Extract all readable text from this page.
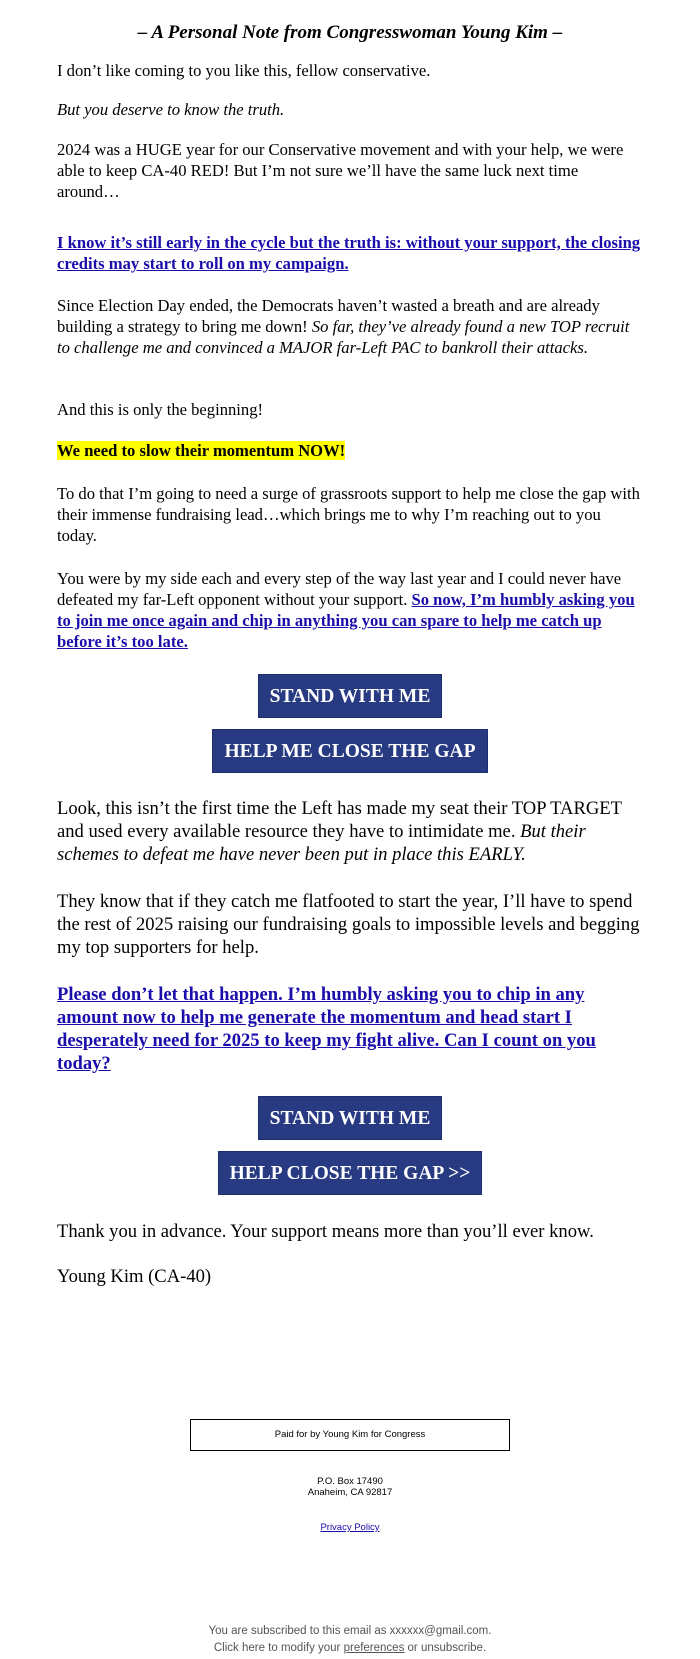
– A Personal Note from Congresswoman Young Kim –

I don’t like coming to you like this, fellow conservative.

But you deserve to know the truth.

2024 was a HUGE year for our Conservative movement and with your help, we were able to keep CA-40 RED! But I’m not sure we’ll have the same luck next time around…

I know it’s still early in the cycle but the truth is: without your support, the closing credits may start to roll on my campaign.

Since Election Day ended, the Democrats haven’t wasted a breath and are already building a strategy to bring me down! So far, they’ve already found a new TOP recruit to challenge me and convinced a MAJOR far-Left PAC to bankroll their attacks.

And this is only the beginning!

We need to slow their momentum NOW!

To do that I’m going to need a surge of grassroots support to help me close the gap with their immense fundraising lead…which brings me to why I’m reaching out to you today.

You were by my side each and every step of the way last year and I could never have defeated my far-Left opponent without your support. So now, I’m humbly asking you to join me once again and chip in anything you can spare to help me catch up before it’s too late.

STAND WITH ME
HELP ME CLOSE THE GAP

Look, this isn’t the first time the Left has made my seat their TOP TARGET and used every available resource they have to intimidate me. But their schemes to defeat me have never been put in place this EARLY.

They know that if they catch me flatfooted to start the year, I’ll have to spend the rest of 2025 raising our fundraising goals to impossible levels and begging my top supporters for help.

Please don’t let that happen. I’m humbly asking you to chip in any amount now to help me generate the momentum and head start I desperately need for 2025 to keep my fight alive. Can I count on you today?

STAND WITH ME
HELP CLOSE THE GAP >>

Thank you in advance. Your support means more than you’ll ever know.

Young Kim (CA-40)

Paid for by Young Kim for Congress
P.O. Box 17490
Anaheim, CA 92817
Privacy Policy
You are subscribed to this email as xxxxxx@gmail.com.
Click here to modify your preferences or unsubscribe.
